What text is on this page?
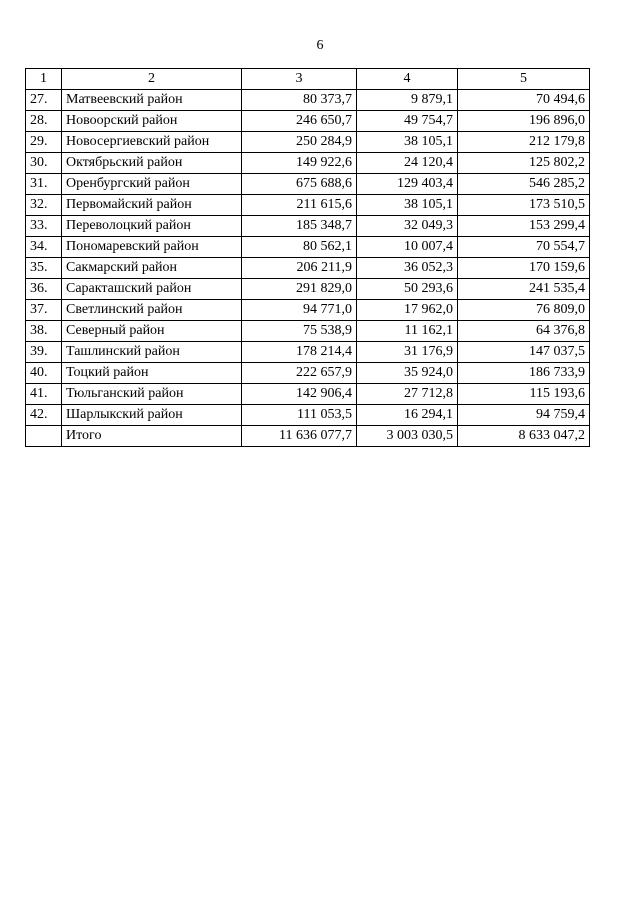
6
1	2	3	4	5
27.	Матвеевский район	80 373,7	9 879,1	70 494,6
28.	Новоорский район	246 650,7	49 754,7	196 896,0
29.	Новосергиевский район	250 284,9	38 105,1	212 179,8
30.	Октябрьский район	149 922,6	24 120,4	125 802,2
31.	Оренбургский район	675 688,6	129 403,4	546 285,2
32.	Первомайский район	211 615,6	38 105,1	173 510,5
33.	Переволоцкий район	185 348,7	32 049,3	153 299,4
34.	Пономаревский район	80 562,1	10 007,4	70 554,7
35.	Сакмарский район	206 211,9	36 052,3	170 159,6
36.	Саракташский район	291 829,0	50 293,6	241 535,4
37.	Светлинский район	94 771,0	17 962,0	76 809,0
38.	Северный район	75 538,9	11 162,1	64 376,8
39.	Ташлинский район	178 214,4	31 176,9	147 037,5
40.	Тоцкий район	222 657,9	35 924,0	186 733,9
41.	Тюльганский район	142 906,4	27 712,8	115 193,6
42.	Шарлыкский район	111 053,5	16 294,1	94 759,4
	Итого	11 636 077,7	3 003 030,5	8 633 047,2
